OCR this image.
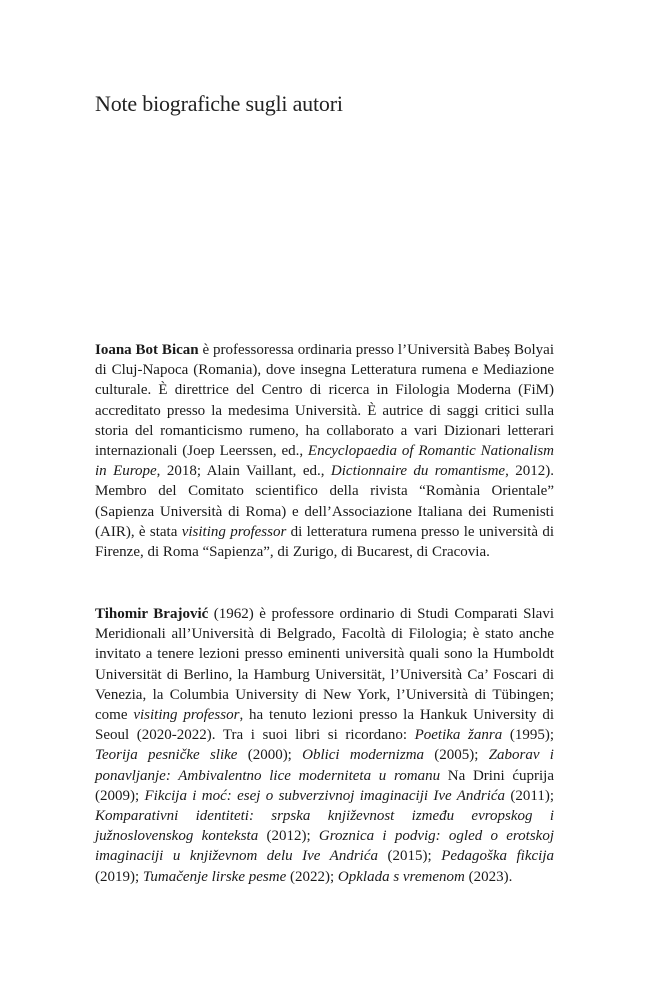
Note biografiche sugli autori

Ioana Bot Bican è professoressa ordinaria presso l’Università Babeș Bolyai di Cluj-Napoca (Romania), dove insegna Letteratura rumena e Mediazione culturale. È direttrice del Centro di ricerca in Filologia Moderna (FiM) accreditato presso la medesima Università. È autrice di saggi critici sulla storia del romanticismo rumeno, ha collaborato a vari Dizionari letterari internazionali (Joep Leerssen, ed., Encyclopaedia of Romantic Nationalism in Europe, 2018; Alain Vaillant, ed., Dictionnaire du romantisme, 2012). Membro del Comitato scientifico della rivista “Romània Orientale” (Sapienza Università di Roma) e dell’Associazione Italiana dei Rumenisti (AIR), è stata visiting professor di letteratura rumena presso le università di Firenze, di Roma “Sapienza”, di Zurigo, di Bucarest, di Cracovia.

Tihomir Brajović (1962) è professore ordinario di Studi Comparati Slavi Meridionali all’Università di Belgrado, Facoltà di Filologia; è stato anche invitato a tenere lezioni presso eminenti università quali sono la Humboldt Universität di Berlino, la Hamburg Universität, l’Università Ca’ Foscari di Venezia, la Columbia University di New York, l’Università di Tübingen; come visiting professor, ha tenuto lezioni presso la Hankuk University di Seoul (2020-2022). Tra i suoi libri si ricordano: Poetika žanra (1995); Teorija pesničke slike (2000); Oblici modernizma (2005); Zaborav i ponavljanje: Ambivalentno lice moderniteta u romanu Na Drini ćuprija (2009); Fikcija i moć: esej o subverzivnoj imaginaciji Ive Andrića (2011); Komparativni identiteti: srpska književnost između evropskog i južnoslovenskog konteksta (2012); Groznica i podvig: ogled o erotskoj imaginaciji u književnom delu Ive Andrića (2015); Pedagoška fikcija (2019); Tumačenje lirske pesme (2022); Opklada s vremenom (2023).
